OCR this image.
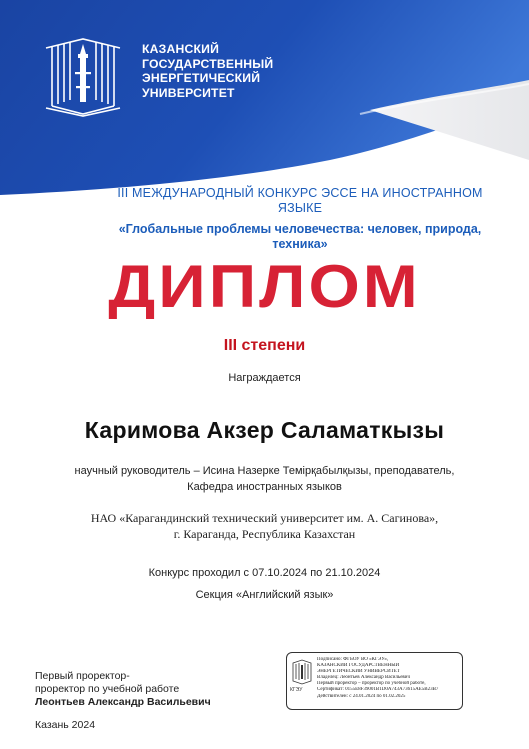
КАЗАНСКИЙ
ГОСУДАРСТВЕННЫЙ
ЭНЕРГЕТИЧЕСКИЙ
УНИВЕРСИТЕТ
III МЕЖДУНАРОДНЫЙ КОНКУРС ЭССЕ НА ИНОСТРАННОМ ЯЗЫКЕ
«Глобальные проблемы человечества: человек, природа, техника»
ДИПЛОМ
III степени
Награждается
Каримова Акзер Саламаткызы
научный руководитель – Исина Назерке Темірқабылқызы, преподаватель,
Кафедра иностранных языков
НАО «Карагандинский технический университет им. А. Сагинова»,
г. Караганда, Республика Казахстан
Конкурс проходил с 07.10.2024 по 21.10.2024
Секция «Английский язык»
Первый проректор-
проректор по учебной работе
Леонтьев Александр Васильевич
Казань 2024
КГЭУ
Подписано: ФГБОУ ВО «КГЭУ»,
КАЗАНСКИЙ ГОСУДАРСТВЕННЫЙ
ЭНЕРГЕТИЧЕСКИЙ УНИВЕРСИТЕТ
Владелец: Леонтьев Александр Васильевич
Первый проректор – проректор по учебной работе,
Сертификат: 0155E8F39001B1D0A743A73615AE5B23B7
Действителен: с 24.01.2024 по 01.02.2025
